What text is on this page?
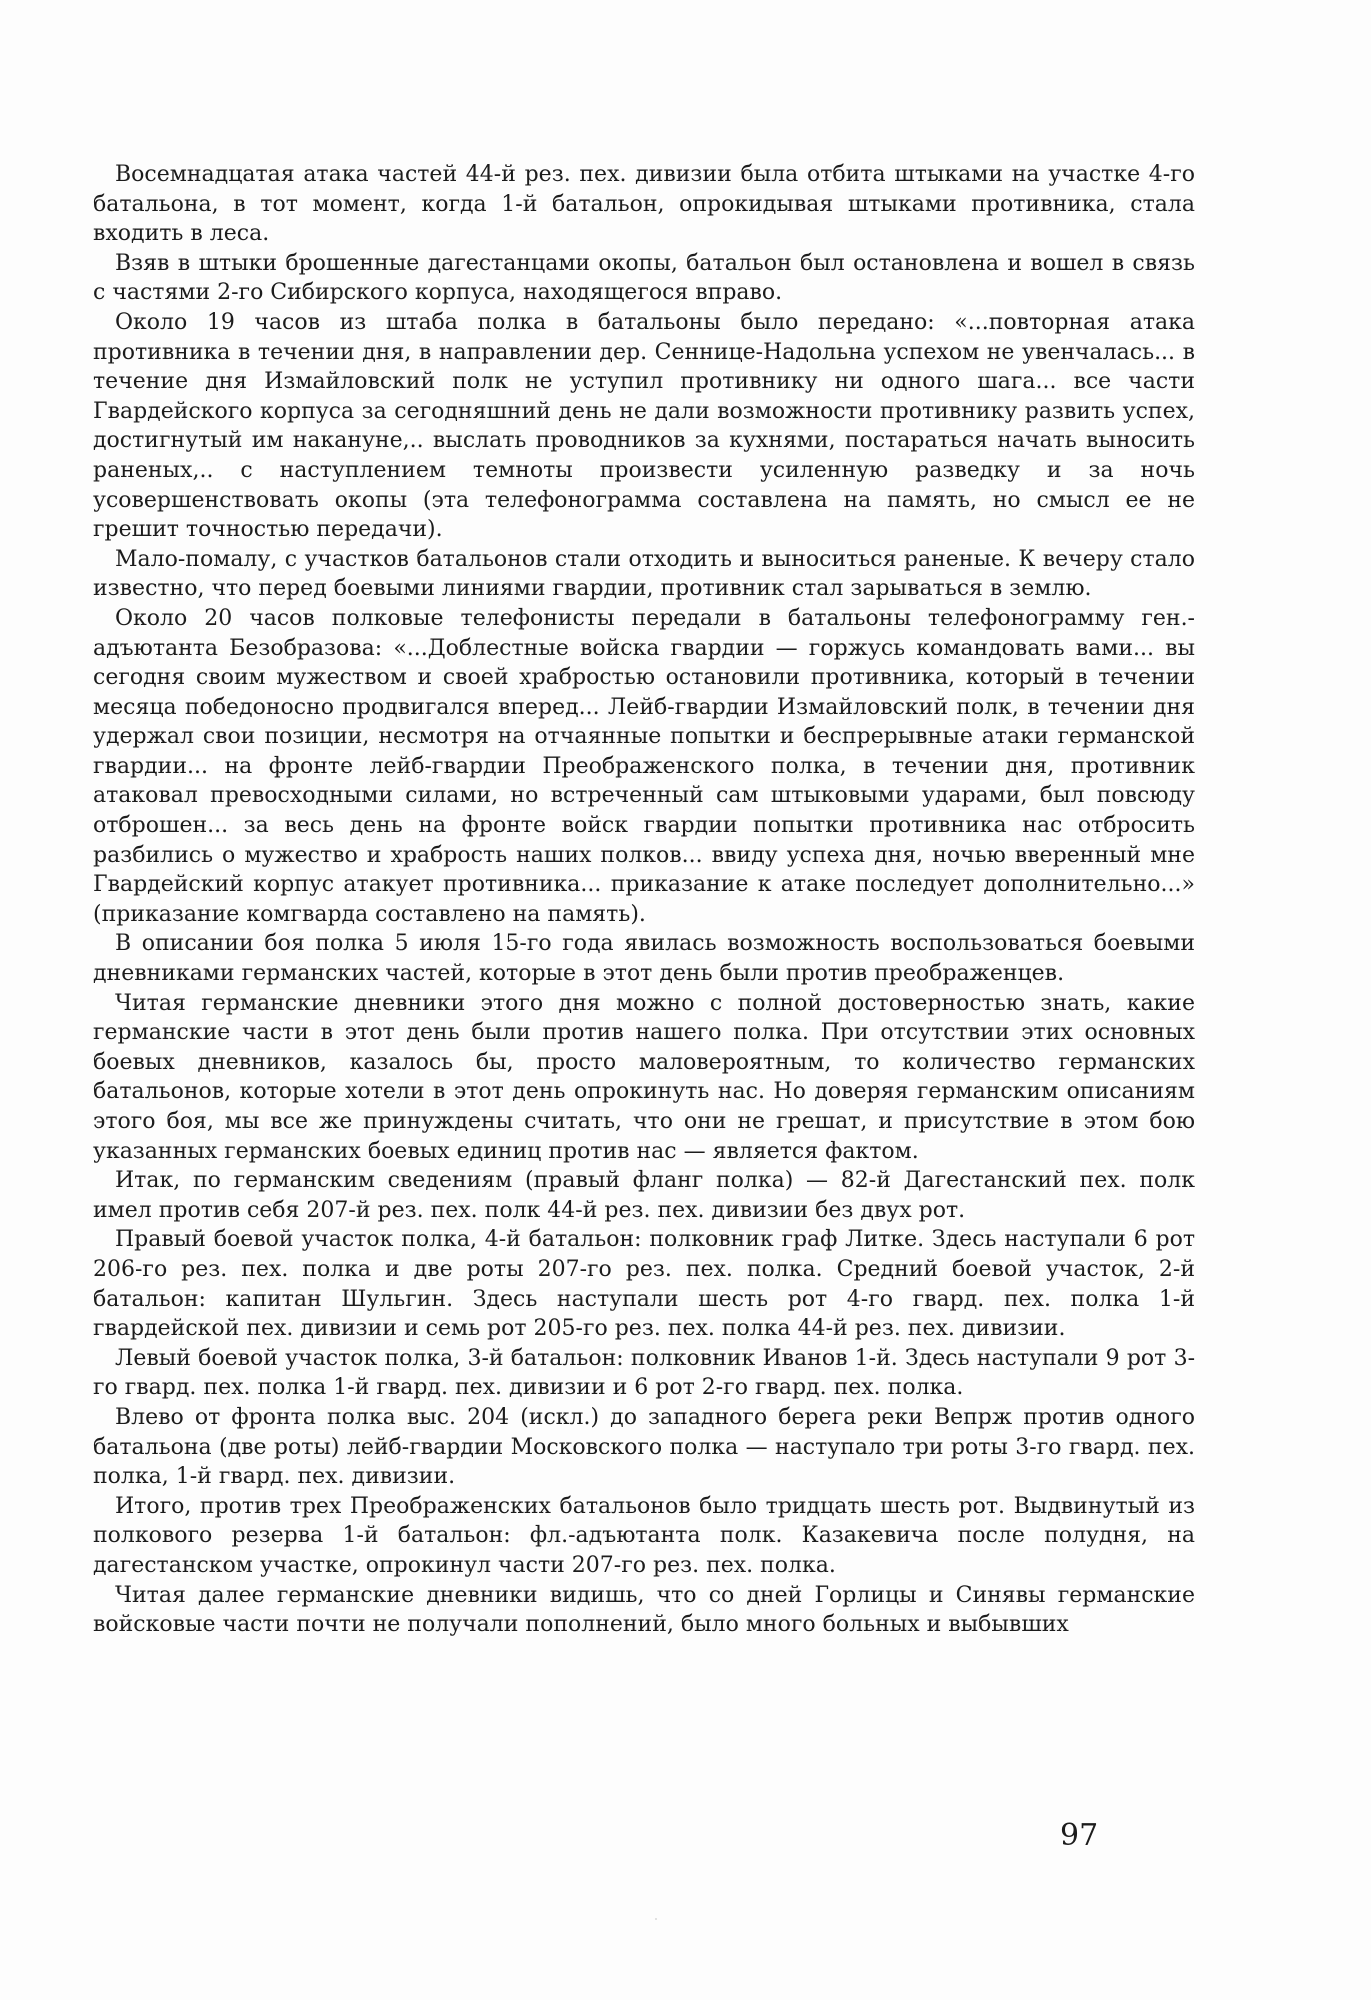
 Восемнадцатая атака частей 44-й рез. пех. дивизии была отбита штыками на участке 4-го батальона, в тот момент, когда 1-й батальон, опрокидывая штыками противника, стала входить в леса.

 Взяв в штыки брошенные дагестанцами окопы, батальон был остановлена и вошел в связь с частями 2-го Сибирского корпуса, находящегося вправо.

 Около 19 часов из штаба полка в батальоны было передано: «...повторная атака противника в течении дня, в направлении дер. Сеннице-Надольна успехом не увенчалась... в течение дня Измайловский полк не уступил противнику ни одного шага... все части Гвардейского корпуса за сегодняшний день не дали возможности противнику развить успех, достигнутый им накануне,.. выслать проводников за кухнями, постараться начать выносить раненых,.. с наступлением темноты произвести усиленную разведку и за ночь усовершенствовать окопы (эта телефонограмма составлена на память, но смысл ее не грешит точностью передачи).

 Мало-помалу, с участков батальонов стали отходить и выноситься раненые. К вечеру стало известно, что перед боевыми линиями гвардии, противник стал зарываться в землю.

 Около 20 часов полковые телефонисты передали в батальоны телефонограмму ген.-адъютанта Безобразова: «...Доблестные войска гвардии — горжусь командовать вами... вы сегодня своим мужеством и своей храбростью остановили противника, который в течении месяца победоносно продвигался вперед... Лейб-гвардии Измайловский полк, в течении дня удержал свои позиции, несмотря на отчаянные попытки и беспрерывные атаки германской гвардии... на фронте лейб-гвардии Преображенского полка, в течении дня, противник атаковал превосходными силами, но встреченный сам штыковыми ударами, был повсюду отброшен... за весь день на фронте войск гвардии попытки противника нас отбросить разбились о мужество и храбрость наших полков... ввиду успеха дня, ночью вверенный мне Гвардейский корпус атакует противника... приказание к атаке последует дополнительно...» (приказание комгварда составлено на память).

 В описании боя полка 5 июля 15-го года явилась возможность воспользоваться боевыми дневниками германских частей, которые в этот день были против преображенцев.

 Читая германские дневники этого дня можно с полной достоверностью знать, какие германские части в этот день были против нашего полка. При отсутствии этих основных боевых дневников, казалось бы, просто маловероятным, то количество германских батальонов, которые хотели в этот день опрокинуть нас. Но доверяя германским описаниям этого боя, мы все же принуждены считать, что они не грешат, и присутствие в этом бою указанных германских боевых единиц против нас — является фактом.

 Итак, по германским сведениям (правый фланг полка) — 82-й Дагестанский пех. полк имел против себя 207-й рез. пех. полк 44-й рез. пех. дивизии без двух рот.

 Правый боевой участок полка, 4-й батальон: полковник граф Литке. Здесь наступали 6 рот 206-го рез. пех. полка и две роты 207-го рез. пех. полка. Средний боевой участок, 2-й батальон: капитан Шульгин. Здесь наступали шесть рот 4-го гвард. пех. полка 1-й гвардейской пех. дивизии и семь рот 205-го рез. пех. полка 44-й рез. пех. дивизии.

 Левый боевой участок полка, 3-й батальон: полковник Иванов 1-й. Здесь наступали 9 рот 3-го гвард. пех. полка 1-й гвард. пех. дивизии и 6 рот 2-го гвард. пех. полка.

 Влево от фронта полка выс. 204 (искл.) до западного берега реки Вепрж против одного батальона (две роты) лейб-гвардии Московского полка — наступало три роты 3-го гвард. пех. полка, 1-й гвард. пех. дивизии.

 Итого, против трех Преображенских батальонов было тридцать шесть рот. Выдвинутый из полкового резерва 1-й батальон: фл.-адъютанта полк. Казакевича после полудня, на дагестанском участке, опрокинул части 207-го рез. пех. полка.

 Читая далее германские дневники видишь, что со дней Горлицы и Синявы германские войсковые части почти не получали пополнений, было много больных и выбывших

97
